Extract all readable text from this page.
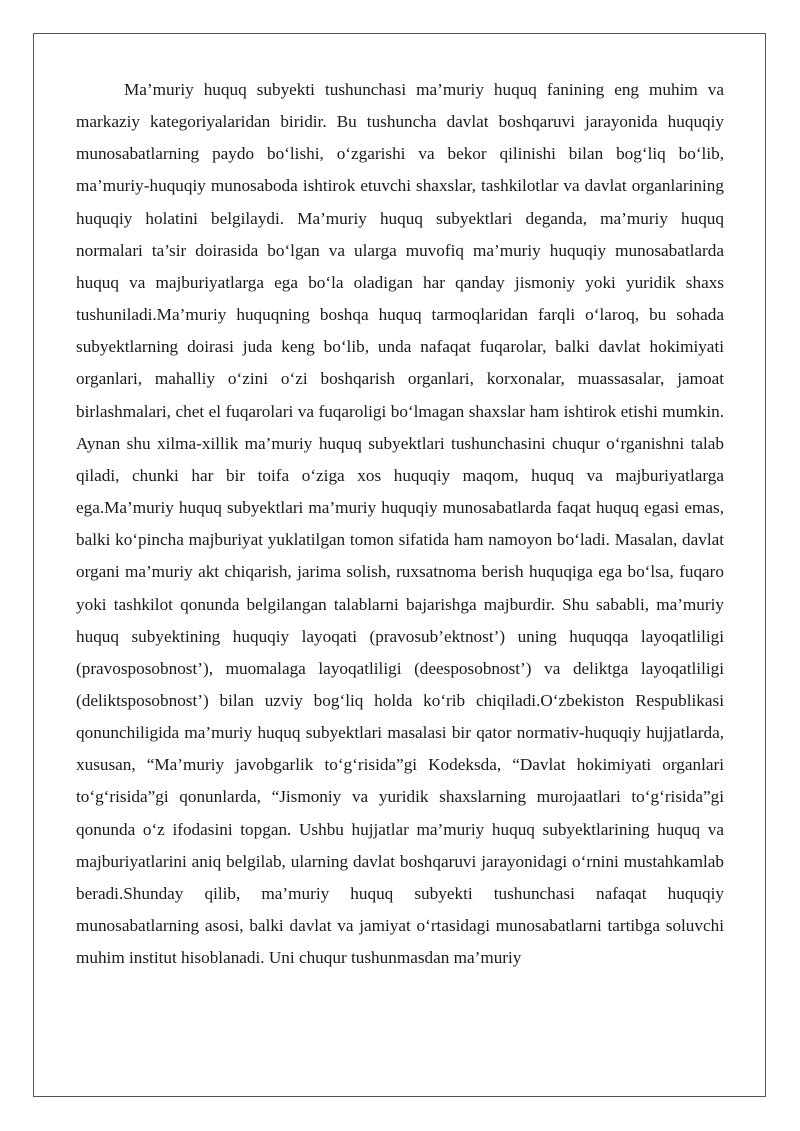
Ma’muriy huquq subyekti tushunchasi ma’muriy huquq fanining eng muhim va markaziy kategoriyalaridan biridir. Bu tushuncha davlat boshqaruvi jarayonida huquqiy munosabatlarning paydo bo‘lishi, o‘zgarishi va bekor qilinishi bilan bog‘liq bo‘lib, ma’muriy-huquqiy munosaboda ishtirok etuvchi shaxslar, tashkilotlar va davlat organlarining huquqiy holatini belgilaydi. Ma’muriy huquq subyektlari deganda, ma’muriy huquq normalari ta’sir doirasida bo‘lgan va ularga muvofiq ma’muriy huquqiy munosabatlarda huquq va majburiyatlarga ega bo‘la oladigan har qanday jismoniy yoki yuridik shaxs tushuniladi.Ma’muriy huquqning boshqa huquq tarmoqlaridan farqli o‘laroq, bu sohada subyektlarning doirasi juda keng bo‘lib, unda nafaqat fuqarolar, balki davlat hokimiyati organlari, mahalliy o‘zini o‘zi boshqarish organlari, korxonalar, muassasalar, jamoat birlashmalari, chet el fuqarolari va fuqaroligi bo‘lmagan shaxslar ham ishtirok etishi mumkin. Aynan shu xilma-xillik ma’muriy huquq subyektlari tushunchasini chuqur o‘rganishni talab qiladi, chunki har bir toifa o‘ziga xos huquqiy maqom, huquq va majburiyatlarga ega.Ma’muriy huquq subyektlari ma’muriy huquqiy munosabatlarda faqat huquq egasi emas, balki ko‘pincha majburiyat yuklatilgan tomon sifatida ham namoyon bo‘ladi. Masalan, davlat organi ma’muriy akt chiqarish, jarima solish, ruxsatnoma berish huquqiga ega bo‘lsa, fuqaro yoki tashkilot qonunda belgilangan talablarni bajarishga majburdir. Shu sababli, ma’muriy huquq subyektining huquqiy layoqati (pravosub’ektnost’) uning huquqqa layoqatliligi (pravosposobnost’), muomalaga layoqatliligi (deesposobnost’) va deliktga layoqatliligi (deliktsposobnost’) bilan uzviy bog‘liq holda ko‘rib chiqiladi.O‘zbekiston Respublikasi qonunchiligida ma’muriy huquq subyektlari masalasi bir qator normativ-huquqiy hujjatlarda, xususan, “Ma’muriy javobgarlik to‘g‘risida”gi Kodeksda, “Davlat hokimiyati organlari to‘g‘risida”gi qonunlarda, “Jismoniy va yuridik shaxslarning murojaatlari to‘g‘risida”gi qonunda o‘z ifodasini topgan. Ushbu hujjatlar ma’muriy huquq subyektlarining huquq va majburiyatlarini aniq belgilab, ularning davlat boshqaruvi jarayonidagi o‘rnini mustahkamlab beradi.Shunday qilib, ma’muriy huquq subyekti tushunchasi nafaqat huquqiy munosabatlarning asosi, balki davlat va jamiyat o‘rtasidagi munosabatlarni tartibga soluvchi muhim institut hisoblanadi. Uni chuqur tushunmasdan ma’muriy
